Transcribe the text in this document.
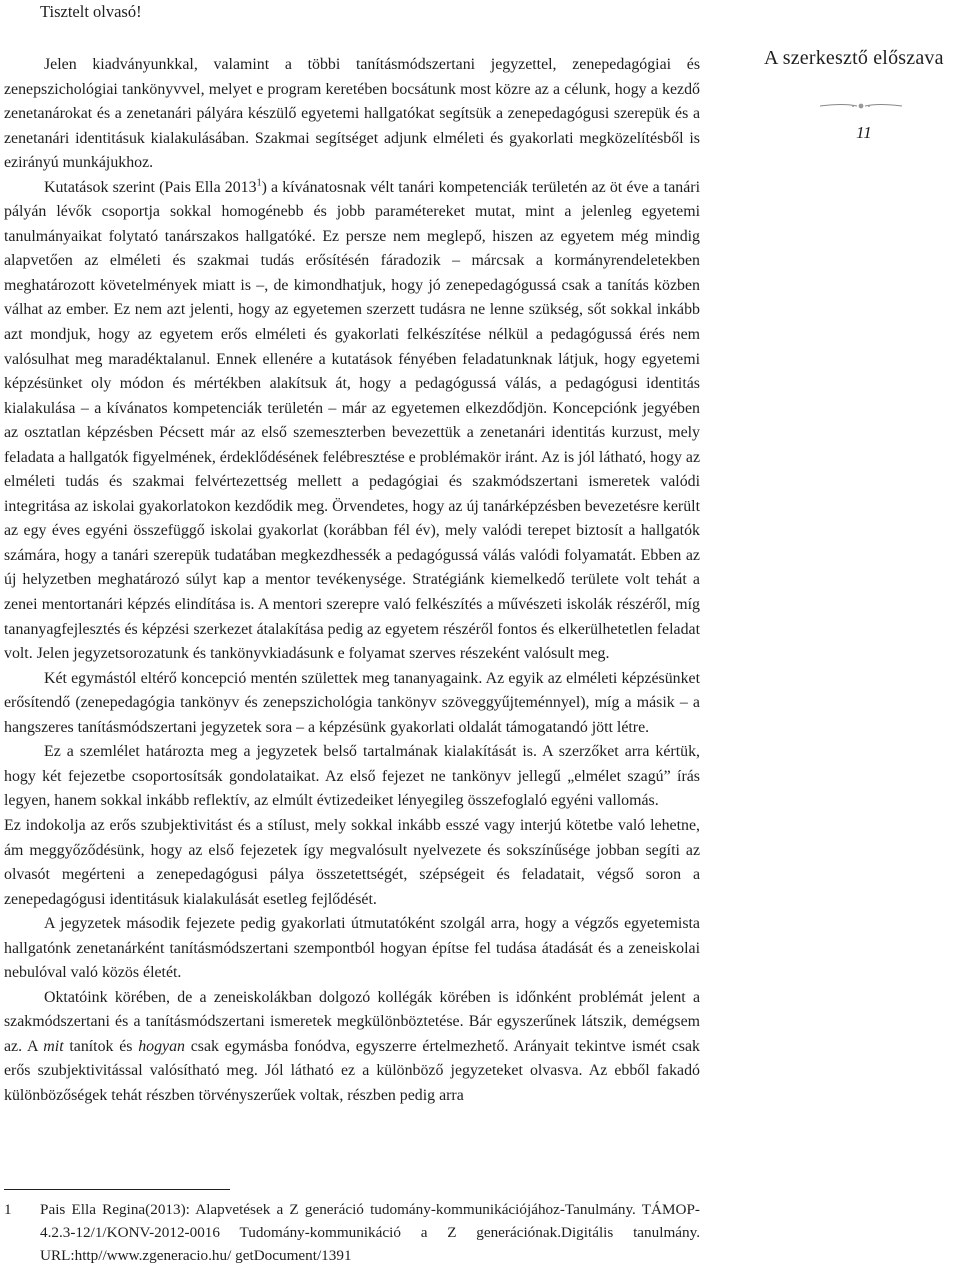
Tisztelt olvasó!
A szerkesztő előszava
11

Jelen kiadványunkkal, valamint a többi tanításmódszertani jegyzettel, zenepedagógiai és zenepszichológiai tankönyvvel, melyet e program keretében bocsátunk most közre az a célunk, hogy a kezdő zenetanárokat és a zenetanári pályára készülő egyetemi hallgatókat segítsük a zenepedagógusi szerepük és a zenetanári identitásuk kialakulásában. Szakmai segítséget adjunk elméleti és gyakorlati megközelítésből is ezirányú munkájukhoz.

Kutatások szerint (Pais Ella 2013$^1$) a kívánatosnak vélt tanári kompetenciák területén az öt éve a tanári pályán lévők csoportja sokkal homogénebb és jobb paramétereket mutat, mint a jelenleg egyetemi tanulmányaikat folytató tanárszakos hallgatóké. Ez persze nem meglepő, hiszen az egyetem még mindig alapvetően az elméleti és szakmai tudás erősítésén fáradozik – márcsak a kormányrendeletekben meghatározott követelmények miatt is –, de kimondhatjuk, hogy jó zenepedagógussá csak a tanítás közben válhat az ember. Ez nem azt jelenti, hogy az egyetemen szerzett tudásra ne lenne szükség, sőt sokkal inkább azt mondjuk, hogy az egyetem erős elméleti és gyakorlati felkészítése nélkül a pedagógussá érés nem valósulhat meg maradéktalanul. Ennek ellenére a kutatások fényében feladatunknak látjuk, hogy egyetemi képzésünket oly módon és mértékben alakítsuk át, hogy a pedagógussá válás, a pedagógusi identitás kialakulása – a kívánatos kompetenciák területén – már az egyetemen elkezdődjön. Koncepciónk jegyében az osztatlan képzésben Pécsett már az első szemeszterben bevezettük a zenetanári identitás kurzust, mely feladata a hallgatók figyelmének, érdeklődésének felébresztése e problémakör iránt. Az is jól látható, hogy az elméleti tudás és szakmai felvértezettség mellett a pedagógiai és szakmódszertani ismeretek valódi integritása az iskolai gyakorlatokon kezdődik meg. Örvendetes, hogy az új tanárképzésben bevezetésre került az egy éves egyéni összefüggő iskolai gyakorlat (korábban fél év), mely valódi terepet biztosít a hallgatók számára, hogy a tanári szerepük tudatában megkezdhessék a pedagógussá válás valódi folyamatát. Ebben az új helyzetben meghatározó súlyt kap a mentor tevékenysége. Stratégiánk kiemelkedő területe volt tehát a zenei mentortanári képzés elindítása is. A mentori szerepre való felkészítés a művészeti iskolák részéről, míg tananyagfejlesztés és képzési szerkezet átalakítása pedig az egyetem részéről fontos és elkerülhetetlen feladat volt. Jelen jegyzetsorozatunk és tankönyvkiadásunk e folyamat szerves részeként valósult meg.

Két egymástól eltérő koncepció mentén születtek meg tananyagaink. Az egyik az elméleti képzésünket erősítendő (zenepedagógia tankönyv és zenepszichológia tankönyv szöveggyűjteménnyel), míg a másik – a hangszeres tanításmódszertani jegyzetek sora – a képzésünk gyakorlati oldalát támogatandó jött létre.

Ez a szemlélet határozta meg a jegyzetek belső tartalmának kialakítását is. A szerzőket arra kértük, hogy két fejezetbe csoportosítsák gondolataikat. Az első fejezet ne tankönyv jellegű „elmélet szagú” írás legyen, hanem sokkal inkább reflektív, az elmúlt évtizedeiket lényegileg összefoglaló egyéni vallomás.

Ez indokolja az erős szubjektivitást és a stílust, mely sokkal inkább esszé vagy interjú kötetbe való lehetne, ám meggyőződésünk, hogy az első fejezetek így megvalósult nyelvezete és sokszínűsége jobban segíti az olvasót megérteni a zenepedagógusi pálya összetettségét, szépségeit és feladatait, végső soron a zenepedagógusi identitásuk kialakulását esetleg fejlődését.

A jegyzetek második fejezete pedig gyakorlati útmutatóként szolgál arra, hogy a végzős egyetemista hallgatónk zenetanárként tanításmódszertani szempontból hogyan építse fel tudása átadását és a zeneiskolai nebulóval való közös életét.

Oktatóink körében, de a zeneiskolákban dolgozó kollégák körében is időnként problémát jelent a szakmódszertani és a tanításmódszertani ismeretek megkülönböztetése. Bár egyszerűnek látszik, demégsem az. A mit tanítok és hogyan csak egymásba fonódva, egyszerre értelmezhető. Arányait tekintve ismét csak erős szubjektivitással valósítható meg. Jól látható ez a különböző jegyzeteket olvasva. Az ebből fakadó különbözőségek tehát részben törvényszerűek voltak, részben pedig arra

1 Pais Ella Regina(2013): Alapvetések a Z generáció tudomány-kommunikációjához-Tanulmány. TÁMOP-4.2.3-12/1/KONV-2012-0016 Tudomány-kommunikáció a Z generációnak.Digitális tanulmány. URL:http//www.zgeneracio.hu/ getDocument/1391
